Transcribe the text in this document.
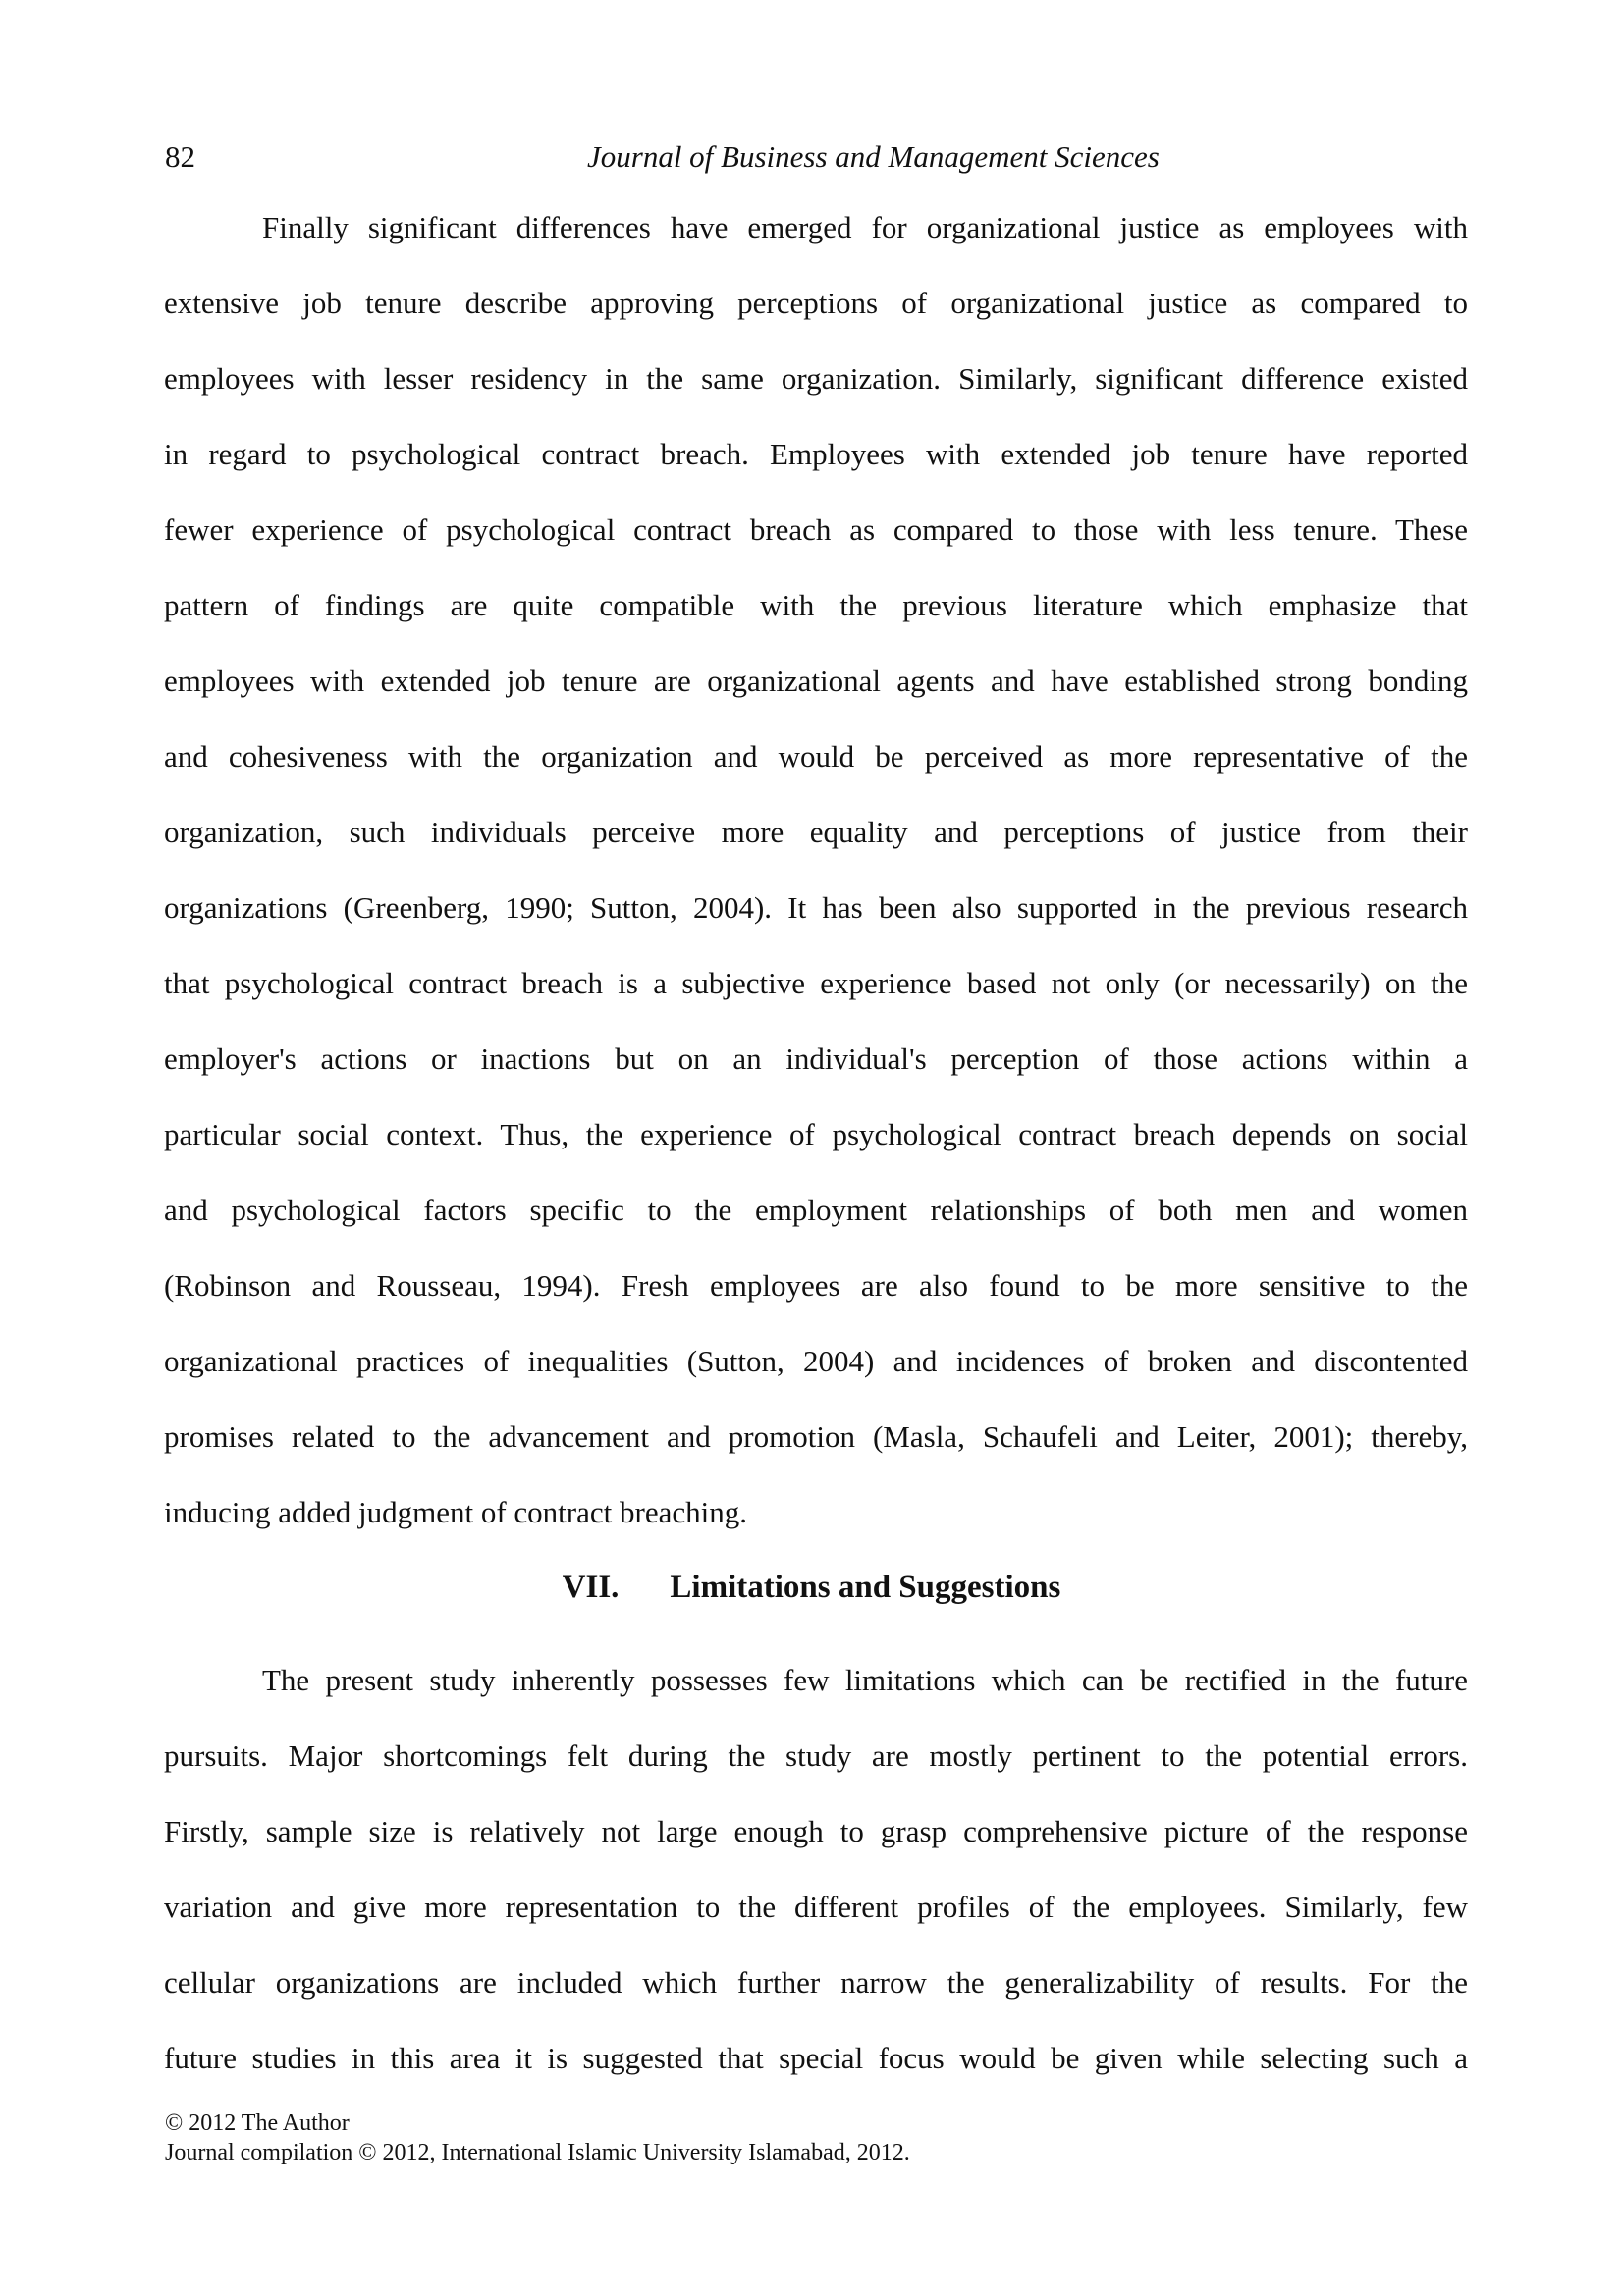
82	Journal of Business and Management Sciences
Finally significant differences have emerged for organizational justice as employees with
extensive job tenure describe approving perceptions of organizational justice as compared to
employees with lesser residency in the same organization. Similarly, significant difference existed
in regard to psychological contract breach. Employees with extended job tenure have reported
fewer experience of psychological contract breach as compared to those with less tenure. These
pattern of findings are quite compatible with the previous literature which emphasize that
employees with extended job tenure are organizational agents and have established strong bonding
and cohesiveness with the organization and would be perceived as more representative of the
organization, such individuals perceive more equality and perceptions of justice from their
organizations (Greenberg, 1990; Sutton, 2004). It has been also supported in the previous research
that psychological contract breach is a subjective experience based not only (or necessarily) on the
employer's actions or inactions but on an individual's perception of those actions within a
particular social context. Thus, the experience of psychological contract breach depends on social
and psychological factors specific to the employment relationships of both men and women
(Robinson and Rousseau, 1994). Fresh employees are also found to be more sensitive to the
organizational practices of inequalities (Sutton, 2004) and incidences of broken and discontented
promises related to the advancement and promotion (Masla, Schaufeli and Leiter, 2001); thereby,
inducing added judgment of contract breaching.
VII. Limitations and Suggestions
The present study inherently possesses few limitations which can be rectified in the future
pursuits. Major shortcomings felt during the study are mostly pertinent to the potential errors.
Firstly, sample size is relatively not large enough to grasp comprehensive picture of the response
variation and give more representation to the different profiles of the employees. Similarly, few
cellular organizations are included which further narrow the generalizability of results. For the
future studies in this area it is suggested that special focus would be given while selecting such a
© 2012 The Author
Journal compilation © 2012, International Islamic University Islamabad, 2012.
